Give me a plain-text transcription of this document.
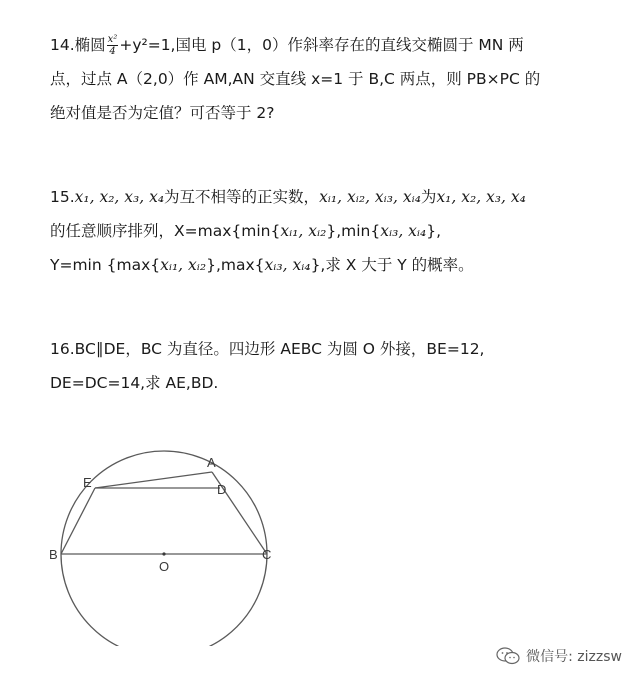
14.椭圆 $\frac{\text{x²}}{4} +y^2=1$,国电 p（1，0）作斜率存在的直线交椭圆于 MN 两
点，过点 A（2,0）作 AM,AN 交直线 x=1 于 B,C 两点，则 PB×PC 的
绝对值是否为定值？可否等于 2?
15.x₁, x₂, x₃, x₄为互不相等的正实数，xᵢ₁, xᵢ₂, xᵢ₃, xᵢ₄为x₁, x₂, x₃, x₄
的任意顺序排列，X=max{min{xᵢ₁, xᵢ₂},min{xᵢ₃, xᵢ₄},
Y=min {max{xᵢ₁, xᵢ₂},max{xᵢ₃, xᵢ₄},求 X 大于 Y 的概率。
16.BC∥DE，BC 为直径。四边形 AEBC 为圆 O 外接，BE=12,
DE=DC=14,求 AE,BD.
A
D
E
B	C
O
微信号: zizzsw
